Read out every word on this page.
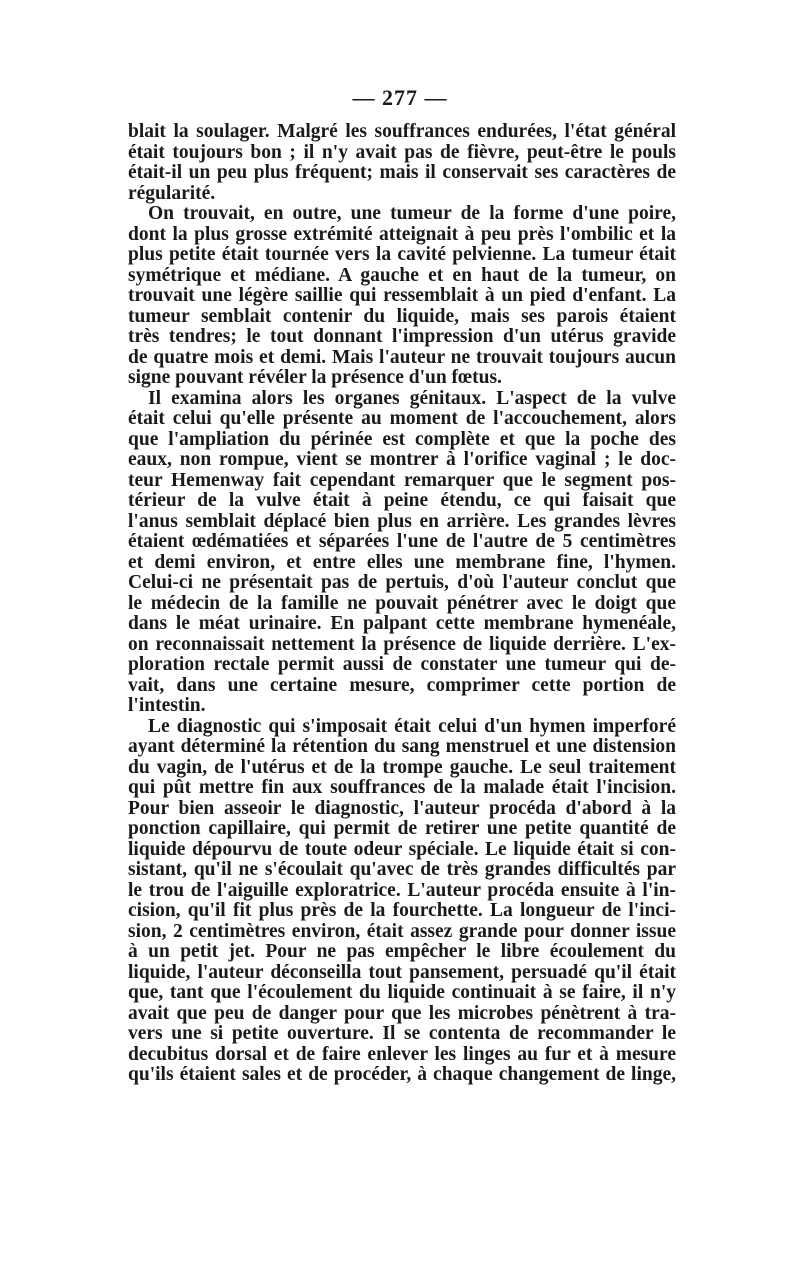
— 277 —
blait la soulager. Malgré les souffrances endurées, l'état général
était toujours bon ; il n'y avait pas de fièvre, peut-être le pouls
était-il un peu plus fréquent; mais il conservait ses caractères de
régularité.
On trouvait, en outre, une tumeur de la forme d'une poire,
dont la plus grosse extrémité atteignait à peu près l'ombilic et la
plus petite était tournée vers la cavité pelvienne. La tumeur était
symétrique et médiane. A gauche et en haut de la tumeur, on
trouvait une légère saillie qui ressemblait à un pied d'enfant. La
tumeur semblait contenir du liquide, mais ses parois étaient
très tendres; le tout donnant l'impression d'un utérus gravide
de quatre mois et demi. Mais l'auteur ne trouvait toujours aucun
signe pouvant révéler la présence d'un fœtus.
Il examina alors les organes génitaux. L'aspect de la vulve
était celui qu'elle présente au moment de l'accouchement, alors
que l'ampliation du périnée est complète et que la poche des
eaux, non rompue, vient se montrer à l'orifice vaginal ; le doc-
teur Hemenway fait cependant remarquer que le segment pos-
térieur de la vulve était à peine étendu, ce qui faisait que
l'anus semblait déplacé bien plus en arrière. Les grandes lèvres
étaient œdématiées et séparées l'une de l'autre de 5 centimètres
et demi environ, et entre elles une membrane fine, l'hymen.
Celui-ci ne présentait pas de pertuis, d'où l'auteur conclut que
le médecin de la famille ne pouvait pénétrer avec le doigt que
dans le méat urinaire. En palpant cette membrane hymenéale,
on reconnaissait nettement la présence de liquide derrière. L'ex-
ploration rectale permit aussi de constater une tumeur qui de-
vait, dans une certaine mesure, comprimer cette portion de
l'intestin.
Le diagnostic qui s'imposait était celui d'un hymen imperforé
ayant déterminé la rétention du sang menstruel et une distension
du vagin, de l'utérus et de la trompe gauche. Le seul traitement
qui pût mettre fin aux souffrances de la malade était l'incision.
Pour bien asseoir le diagnostic, l'auteur procéda d'abord à la
ponction capillaire, qui permit de retirer une petite quantité de
liquide dépourvu de toute odeur spéciale. Le liquide était si con-
sistant, qu'il ne s'écoulait qu'avec de très grandes difficultés par
le trou de l'aiguille exploratrice. L'auteur procéda ensuite à l'in-
cision, qu'il fit plus près de la fourchette. La longueur de l'inci-
sion, 2 centimètres environ, était assez grande pour donner issue
à un petit jet. Pour ne pas empêcher le libre écoulement du
liquide, l'auteur déconseilla tout pansement, persuadé qu'il était
que, tant que l'écoulement du liquide continuait à se faire, il n'y
avait que peu de danger pour que les microbes pénètrent à tra-
vers une si petite ouverture. Il se contenta de recommander le
decubitus dorsal et de faire enlever les linges au fur et à mesure
qu'ils étaient sales et de procéder, à chaque changement de linge,
